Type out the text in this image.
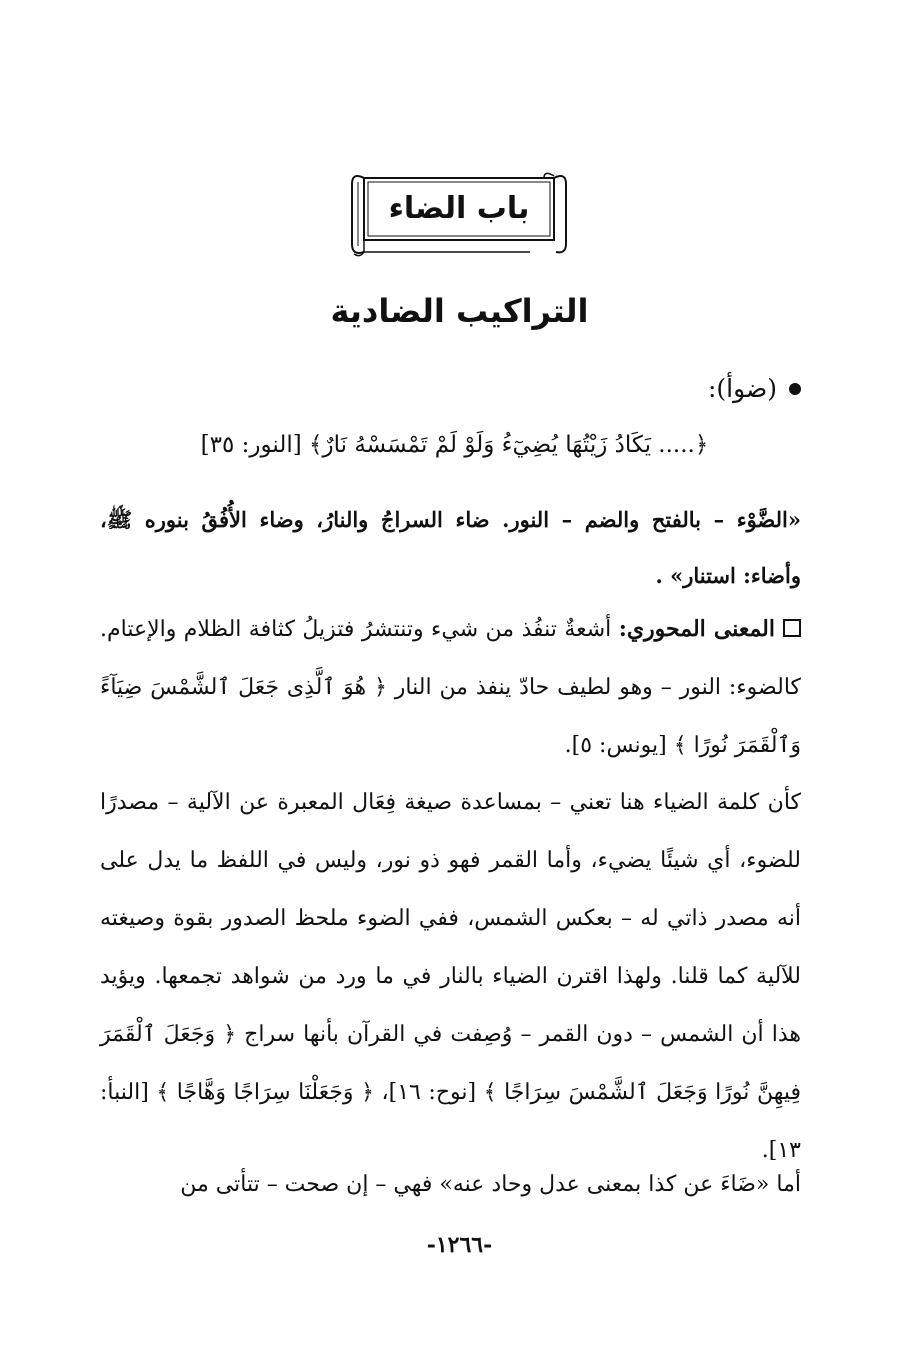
باب الضاء
التراكيب الضادية
(ضوأ):
﴿..... يَكَادُ زَيْتُهَا يُضِيٓءُ وَلَوْ لَمْ تَمْسَسْهُ نَارٌ﴾ [النور: ٣٥]
«الضَّوْء – بالفتح والضم – النور. ضاء السراجُ والنارُ، وضاء الأُفُقُ بنوره ﷺ، وأضاء: استنار» .
المعنى المحوري: أشعةٌ تنفُذ من شيء وتنتشرُ فتزيلُ كثافة الظلام والإعتام. كالضوء: النور – وهو لطيف حادّ ينفذ من النار ﴿ هُوَ ٱلَّذِى جَعَلَ ٱلشَّمْسَ ضِيَآءً وَٱلْقَمَرَ نُورًا ﴾ [يونس: ٥].
كأن كلمة الضياء هنا تعني – بمساعدة صيغة فِعَال المعبرة عن الآلية – مصدرًا للضوء، أي شيئًا يضيء، وأما القمر فهو ذو نور، وليس في اللفظ ما يدل على أنه مصدر ذاتي له – بعكس الشمس، ففي الضوء ملحظ الصدور بقوة وصيغته للآلية كما قلنا. ولهذا اقترن الضياء بالنار في ما ورد من شواهد تجمعها. ويؤيد هذا أن الشمس – دون القمر – وُصِفت في القرآن بأنها سراج ﴿ وَجَعَلَ ٱلْقَمَرَ فِيهِنَّ نُورًا وَجَعَلَ ٱلشَّمْسَ سِرَاجًا ﴾ [نوح: ١٦]، ﴿ وَجَعَلْنَا سِرَاجًا وَهَّاجًا ﴾ [النبأ: ١٣].
أما «ضَاءَ عن كذا بمعنى عدل وحاد عنه» فهي – إن صحت – تتأتى من
-١٢٦٦-
